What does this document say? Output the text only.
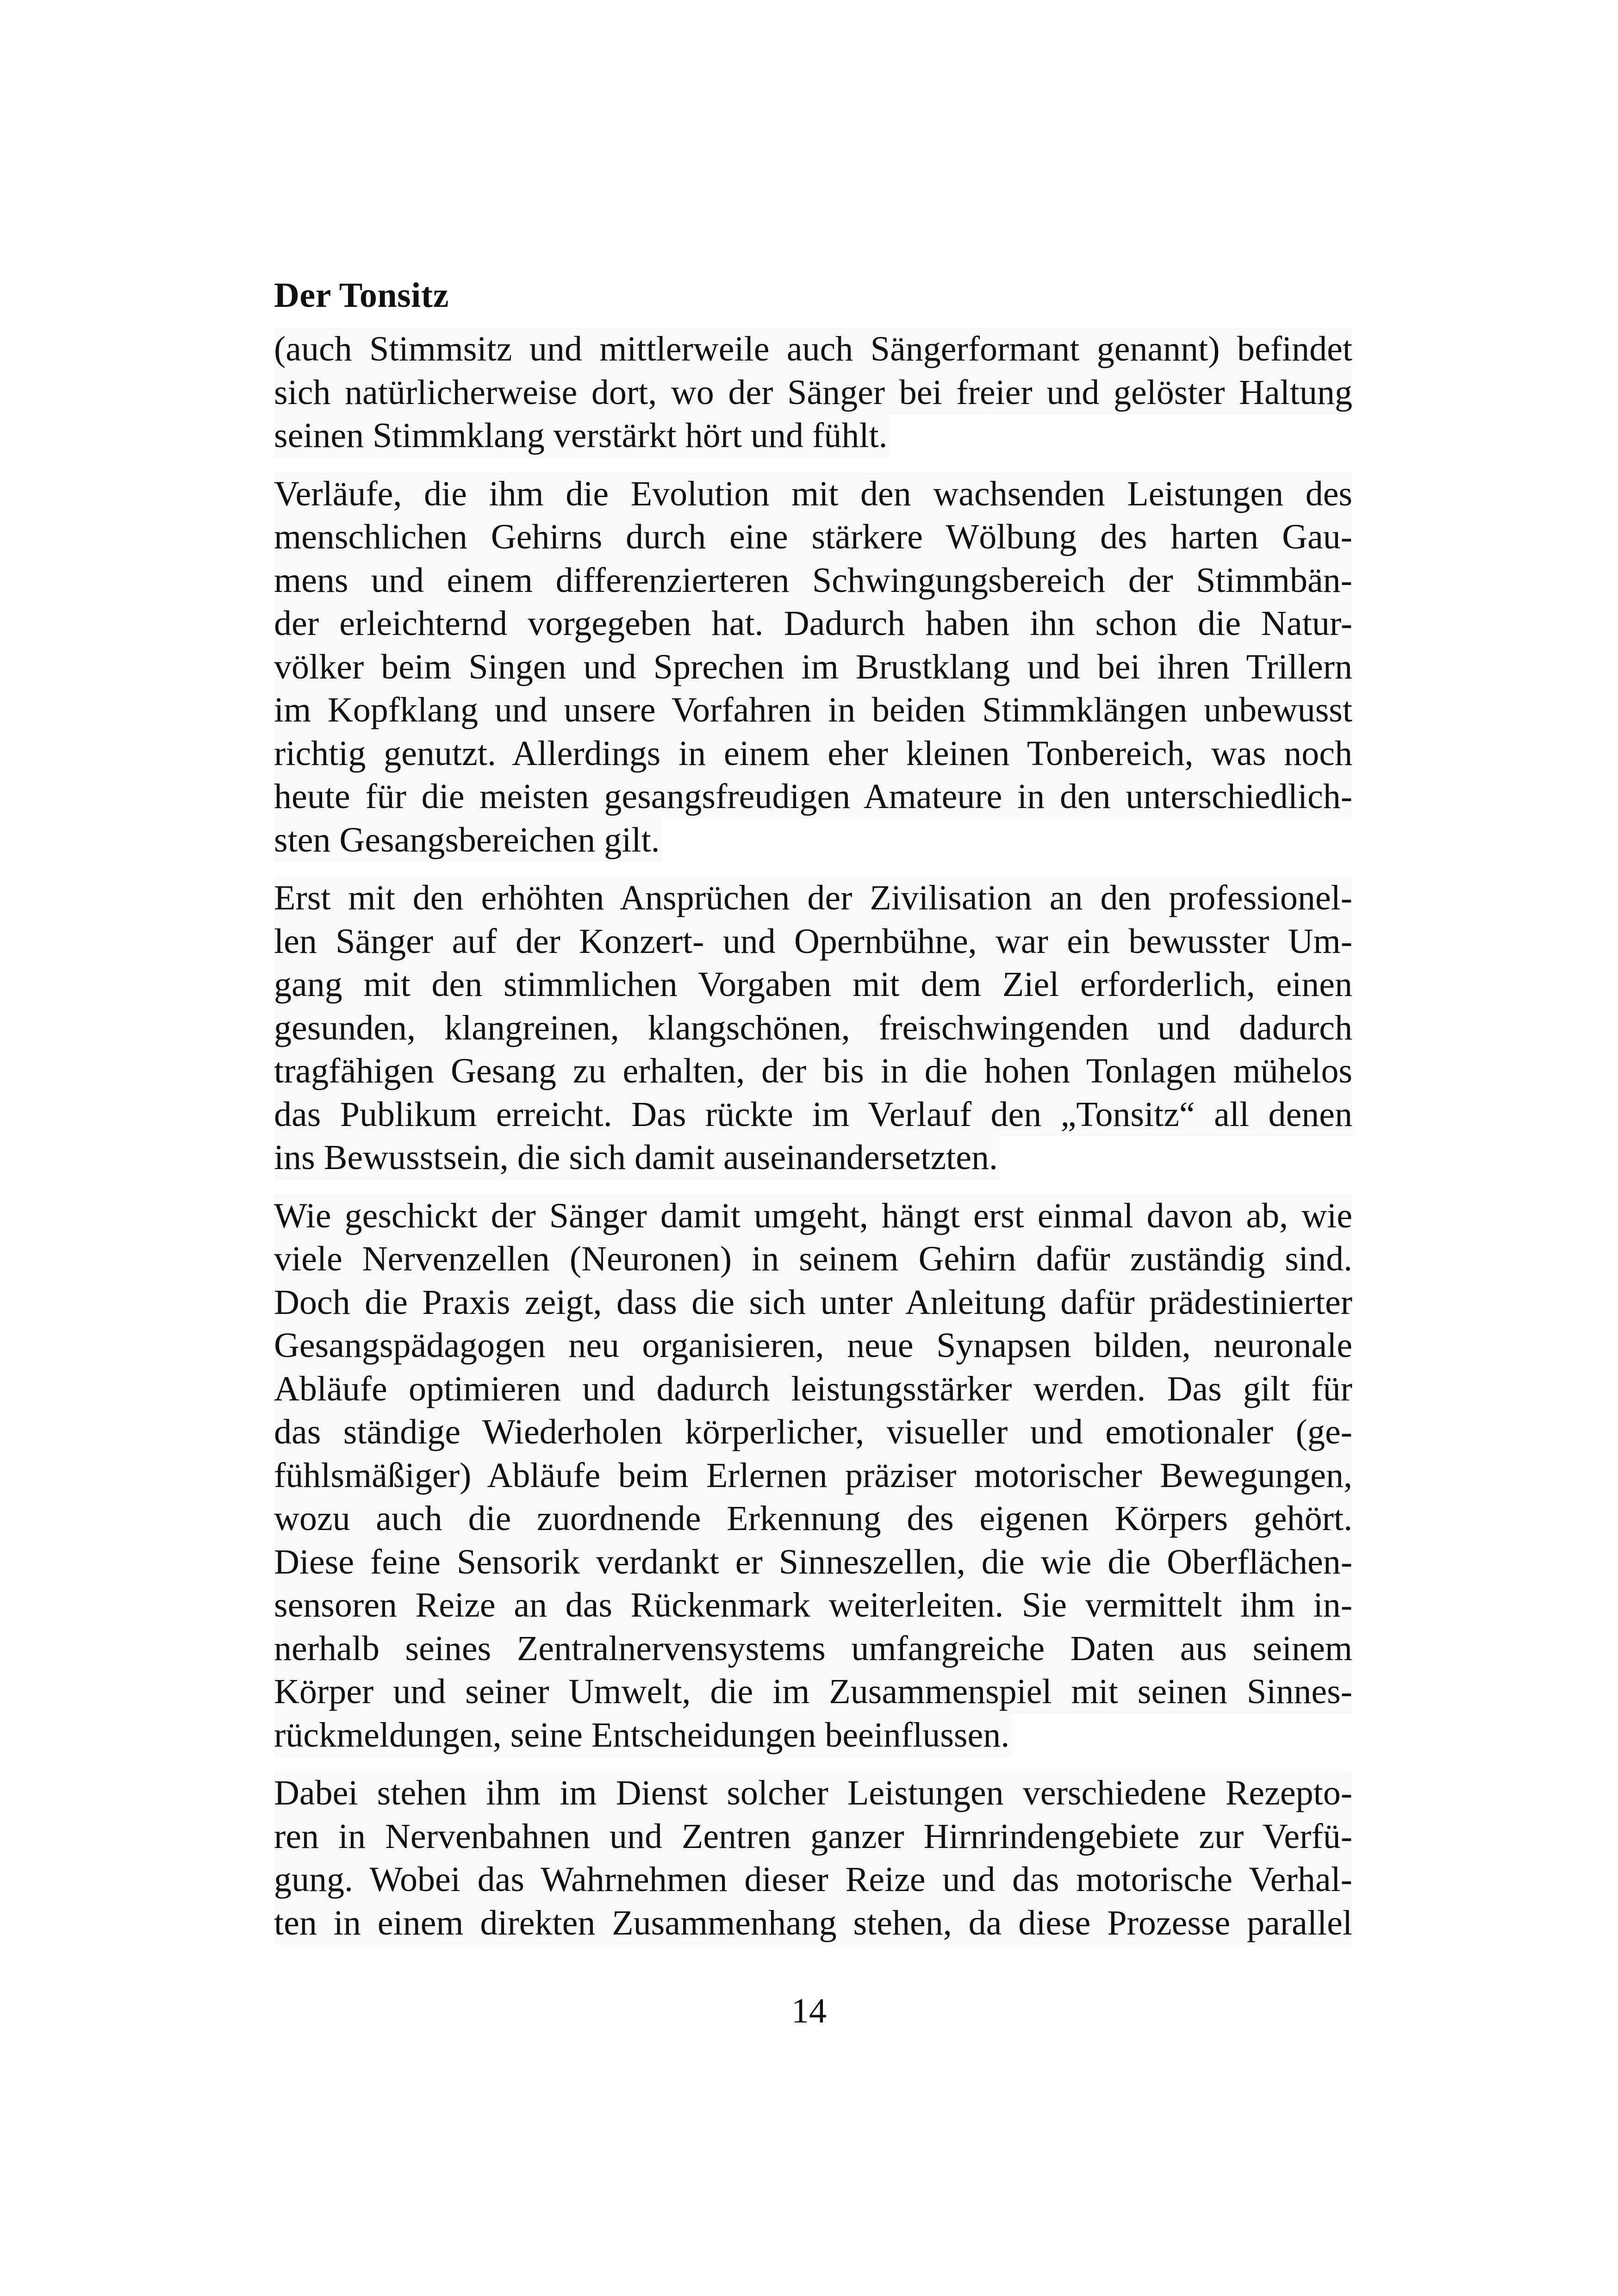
Der Tonsitz
(auch Stimmsitz und mittlerweile auch Sängerformant genannt) befindet
sich natürlicherweise dort, wo der Sänger bei freier und gelöster Haltung
seinen Stimmklang verstärkt hört und fühlt.
Verläufe, die ihm die Evolution mit den wachsenden Leistungen des
menschlichen Gehirns durch eine stärkere Wölbung des harten Gau-
mens und einem differenzierteren Schwingungsbereich der Stimmbän-
der erleichternd vorgegeben hat. Dadurch haben ihn schon die Natur-
völker beim Singen und Sprechen im Brustklang und bei ihren Trillern
im Kopfklang und unsere Vorfahren in beiden Stimmklängen unbewusst
richtig genutzt. Allerdings in einem eher kleinen Tonbereich, was noch
heute für die meisten gesangsfreudigen Amateure in den unterschiedlich-
sten Gesangsbereichen gilt.
Erst mit den erhöhten Ansprüchen der Zivilisation an den professionel-
len Sänger auf der Konzert- und Opernbühne, war ein bewusster Um-
gang mit den stimmlichen Vorgaben mit dem Ziel erforderlich, einen
gesunden, klangreinen, klangschönen, freischwingenden und dadurch
tragfähigen Gesang zu erhalten, der bis in die hohen Tonlagen mühelos
das Publikum erreicht. Das rückte im Verlauf den „Tonsitz“ all denen
ins Bewusstsein, die sich damit auseinandersetzten.
Wie geschickt der Sänger damit umgeht, hängt erst einmal davon ab, wie
viele Nervenzellen (Neuronen) in seinem Gehirn dafür zuständig sind.
Doch die Praxis zeigt, dass die sich unter Anleitung dafür prädestinierter
Gesangspädagogen neu organisieren, neue Synapsen bilden, neuronale
Abläufe optimieren und dadurch leistungsstärker werden. Das gilt für
das ständige Wiederholen körperlicher, visueller und emotionaler (ge-
fühlsmäßiger) Abläufe beim Erlernen präziser motorischer Bewegungen,
wozu auch die zuordnende Erkennung des eigenen Körpers gehört.
Diese feine Sensorik verdankt er Sinneszellen, die wie die Oberflächen-
sensoren Reize an das Rückenmark weiterleiten. Sie vermittelt ihm in-
nerhalb seines Zentralnervensystems umfangreiche Daten aus seinem
Körper und seiner Umwelt, die im Zusammenspiel mit seinen Sinnes-
rückmeldungen, seine Entscheidungen beeinflussen.
Dabei stehen ihm im Dienst solcher Leistungen verschiedene Rezepto-
ren in Nervenbahnen und Zentren ganzer Hirnrindengebiete zur Verfü-
gung. Wobei das Wahrnehmen dieser Reize und das motorische Verhal-
ten in einem direkten Zusammenhang stehen, da diese Prozesse parallel
14
